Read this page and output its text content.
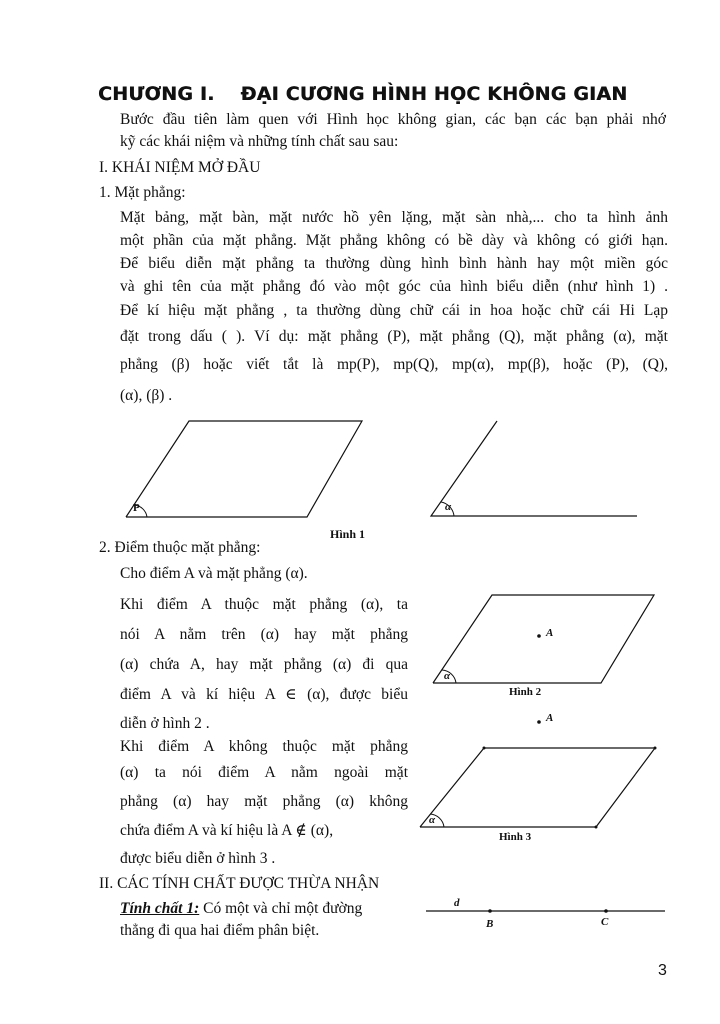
CHƯƠNG I. ĐẠI CƯƠNG HÌNH HỌC KHÔNG GIAN
Bước đầu tiên làm quen với Hình học không gian, các bạn các bạn phải nhớ
kỹ các khái niệm và những tính chất sau sau:
I. KHÁI NIỆM MỞ ĐẦU
1. Mặt phẳng:
Mặt bảng, mặt bàn, mặt nước hồ yên lặng, mặt sàn nhà,... cho ta hình ảnh
một phần của mặt phẳng. Mặt phẳng không có bề dày và không có giới hạn.
Để biểu diễn mặt phẳng ta thường dùng hình bình hành hay một miền góc
và ghi tên của mặt phẳng đó vào một góc của hình biểu diễn (như hình 1) .
Để kí hiệu mặt phẳng , ta thường dùng chữ cái in hoa hoặc chữ cái Hi Lạp
đặt trong dấu ( ). Ví dụ: mặt phẳng (P), mặt phẳng (Q), mặt phẳng (α), mặt
phẳng (β) hoặc viết tắt là mp(P), mp(Q), mp(α), mp(β), hoặc (P), (Q),
(α), (β) .
P	α
Hình 1
2. Điểm thuộc mặt phẳng:
Cho điểm A và mặt phẳng (α).
Khi điểm A thuộc mặt phẳng (α), ta
nói A nằm trên (α) hay mặt phẳng
(α) chứa A, hay mặt phẳng (α) đi qua
điểm A và kí hiệu A ∈ (α), được biểu
diễn ở hình 2 .
Khi điểm A không thuộc mặt phẳng
(α) ta nói điểm A nằm ngoài mặt
phẳng (α) hay mặt phẳng (α) không
chứa điểm A và kí hiệu là A ∉ (α),
được biểu diễn ở hình 3 .
A
α
Hình 2
A
α
Hình 3
II. CÁC TÍNH CHẤT ĐƯỢC THỪA NHẬN
Tính chất 1: Có một và chỉ một đường
thẳng đi qua hai điểm phân biệt.
d
B	C
3
